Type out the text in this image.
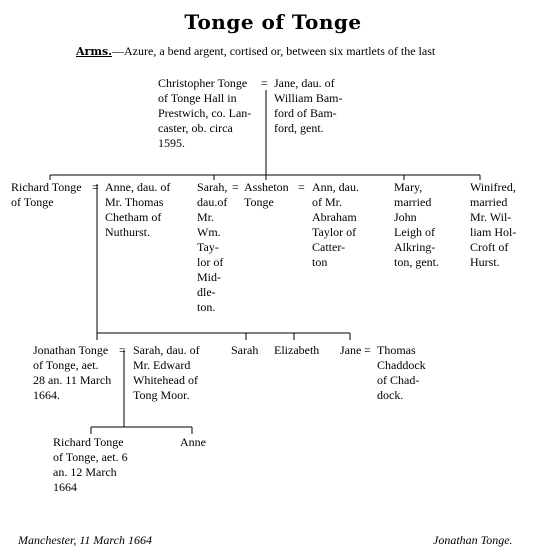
Tonge of Tonge
Arms.—Azure, a bend argent, cortised or, between six martlets of the last
Christopher Tonge
of Tonge Hall in
Prestwich, co. Lan-
caster, ob. circa
1595.
= Jane, dau. of
William Bam-
ford of Bam-
ford, gent.
Richard Tonge
of Tonge
= Anne, dau. of
Mr. Thomas
Chetham of
Nuthurst.
Sarah,
dau.of
Mr.
Wm.
Tay-
lor of
Mid-
dle-
ton.
= Assheton
Tonge
= Ann, dau.
of Mr.
Abraham
Taylor of
Catter-
ton
Mary,
married
John
Leigh of
Alkring-
ton, gent.
Winifred,
married
Mr. Wil-
liam Hol-
Croft of
Hurst.
Jonathan Tonge
of Tonge, aet.
28 an. 11 March
1664.
= Sarah, dau. of
Mr. Edward
Whitehead of
Tong Moor.
Sarah Elizabeth Jane = Thomas
Chaddock
of Chad-
dock.
Richard Tonge
of Tonge, aet. 6
an. 12 March
1664
Anne
Manchester, 11 March 1664	Jonathan Tonge.
